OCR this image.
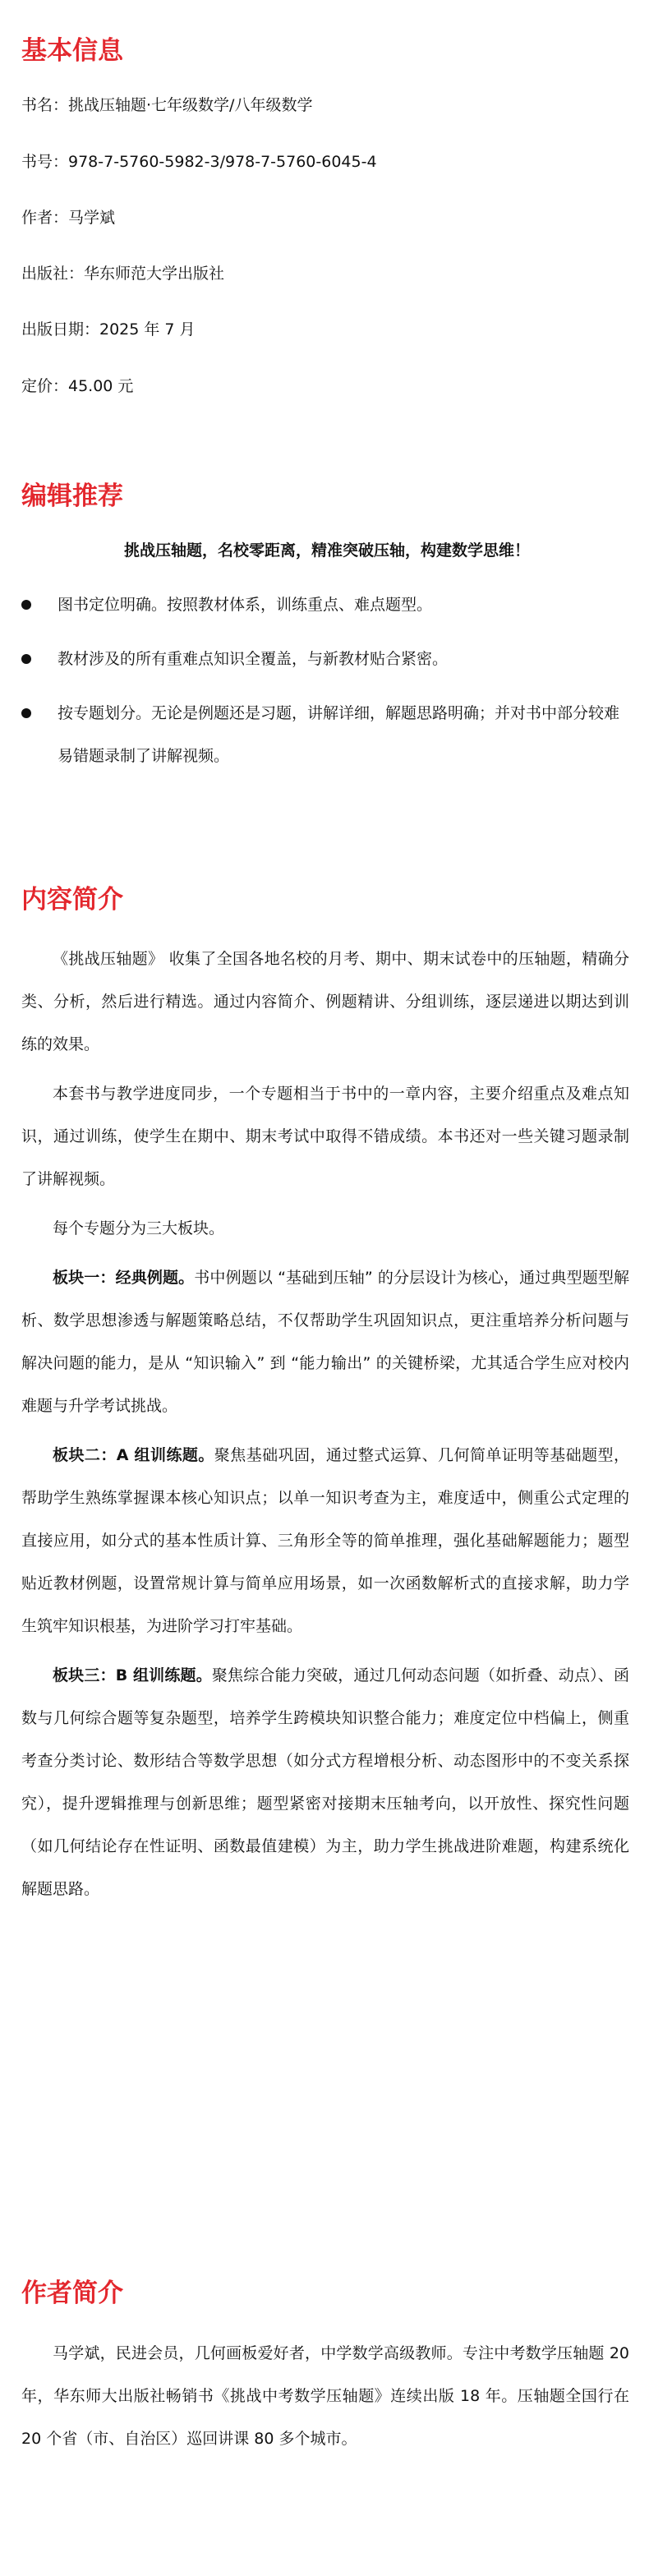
基本信息

书名：挑战压轴题·七年级数学/八年级数学

书号：978-7-5760-5982-3/978-7-5760-6045-4

作者：马学斌

出版社：华东师范大学出版社

出版日期：2025 年 7 月

定价：45.00 元

编辑推荐

挑战压轴题，名校零距离，精准突破压轴，构建数学思维！

图书定位明确。按照教材体系，训练重点、难点题型。

教材涉及的所有重难点知识全覆盖，与新教材贴合紧密。

按专题划分。无论是例题还是习题，讲解详细，解题思路明确；并对书中部分较难易错题录制了讲解视频。

内容简介

《挑战压轴题》 收集了全国各地名校的月考、期中、期末试卷中的压轴题，精确分类、分析，然后进行精选。通过内容简介、例题精讲、分组训练，逐层递进以期达到训练的效果。

本套书与教学进度同步，一个专题相当于书中的一章内容，主要介绍重点及难点知识，通过训练，使学生在期中、期末考试中取得不错成绩。本书还对一些关键习题录制了讲解视频。

每个专题分为三大板块。

板块一：经典例题。书中例题以 “基础到压轴” 的分层设计为核心，通过典型题型解析、数学思想渗透与解题策略总结，不仅帮助学生巩固知识点，更注重培养分析问题与解决问题的能力，是从 “知识输入” 到 “能力输出” 的关键桥梁，尤其适合学生应对校内难题与升学考试挑战。

板块二：A 组训练题。聚焦基础巩固，通过整式运算、几何简单证明等基础题型，帮助学生熟练掌握课本核心知识点；以单一知识考查为主，难度适中，侧重公式定理的直接应用，如分式的基本性质计算、三角形全等的简单推理，强化基础解题能力；题型贴近教材例题，设置常规计算与简单应用场景，如一次函数解析式的直接求解，助力学生筑牢知识根基，为进阶学习打牢基础。

板块三：B 组训练题。聚焦综合能力突破，通过几何动态问题（如折叠、动点）、函数与几何综合题等复杂题型，培养学生跨模块知识整合能力；难度定位中档偏上，侧重考查分类讨论、数形结合等数学思想（如分式方程增根分析、动态图形中的不变关系探究），提升逻辑推理与创新思维；题型紧密对接期末压轴考向，以开放性、探究性问题（如几何结论存在性证明、函数最值建模）为主，助力学生挑战进阶难题，构建系统化解题思路。

作者简介

马学斌，民进会员，几何画板爱好者，中学数学高级教师。专注中考数学压轴题 20 年，华东师大出版社畅销书《挑战中考数学压轴题》连续出版 18 年。压轴题全国行在 20 个省（市、自治区）巡回讲课 80 多个城市。
